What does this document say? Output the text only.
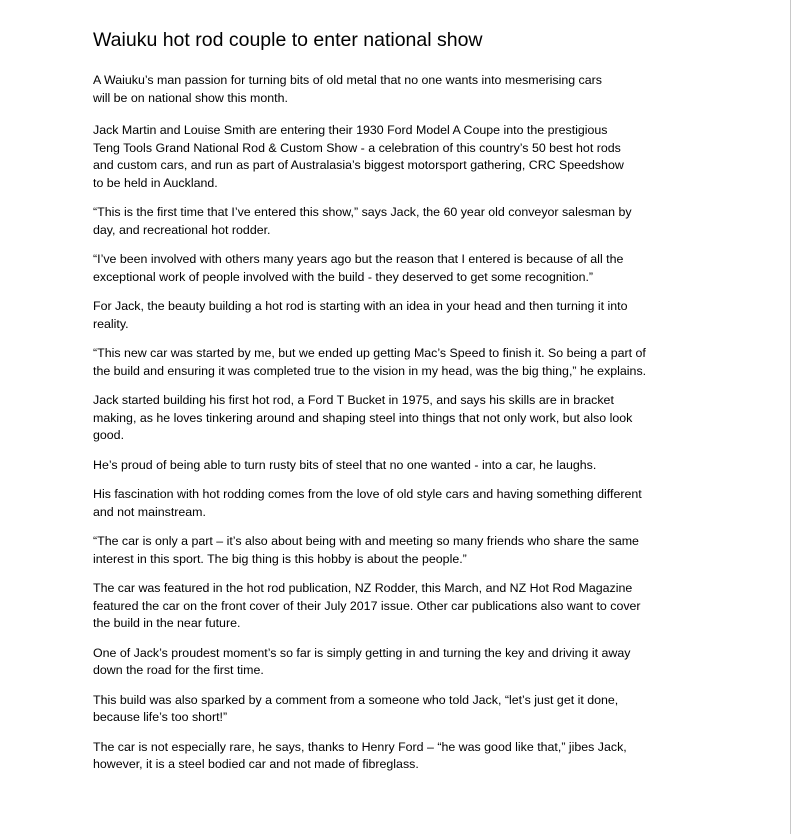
Waiuku hot rod couple to enter national show

A Waiuku’s man passion for turning bits of old metal that no one wants into mesmerising cars
will be on national show this month.

Jack Martin and Louise Smith are entering their 1930 Ford Model A Coupe into the prestigious
Teng Tools Grand National Rod & Custom Show - a celebration of this country’s 50 best hot rods
and custom cars, and run as part of Australasia’s biggest motorsport gathering, CRC Speedshow
to be held in Auckland.

“This is the first time that I’ve entered this show,” says Jack, the 60 year old conveyor salesman by
day, and recreational hot rodder.

“I’ve been involved with others many years ago but the reason that I entered is because of all the
exceptional work of people involved with the build - they deserved to get some recognition.”

For Jack, the beauty building a hot rod is starting with an idea in your head and then turning it into
reality.

“This new car was started by me, but we ended up getting Mac’s Speed to finish it. So being a part of
the build and ensuring it was completed true to the vision in my head, was the big thing,” he explains.

Jack started building his first hot rod, a Ford T Bucket in 1975, and says his skills are in bracket
making, as he loves tinkering around and shaping steel into things that not only work, but also look
good.

He’s proud of being able to turn rusty bits of steel that no one wanted - into a car, he laughs.

His fascination with hot rodding comes from the love of old style cars and having something different
and not mainstream.

“The car is only a part – it’s also about being with and meeting so many friends who share the same
interest in this sport. The big thing is this hobby is about the people.”

The car was featured in the hot rod publication, NZ Rodder, this March, and NZ Hot Rod Magazine
featured the car on the front cover of their July 2017 issue. Other car publications also want to cover
the build in the near future.

One of Jack’s proudest moment’s so far is simply getting in and turning the key and driving it away
down the road for the first time.

This build was also sparked by a comment from a someone who told Jack, “let’s just get it done,
because life’s too short!”

The car is not especially rare, he says, thanks to Henry Ford – “he was good like that,” jibes Jack,
however, it is a steel bodied car and not made of fibreglass.
